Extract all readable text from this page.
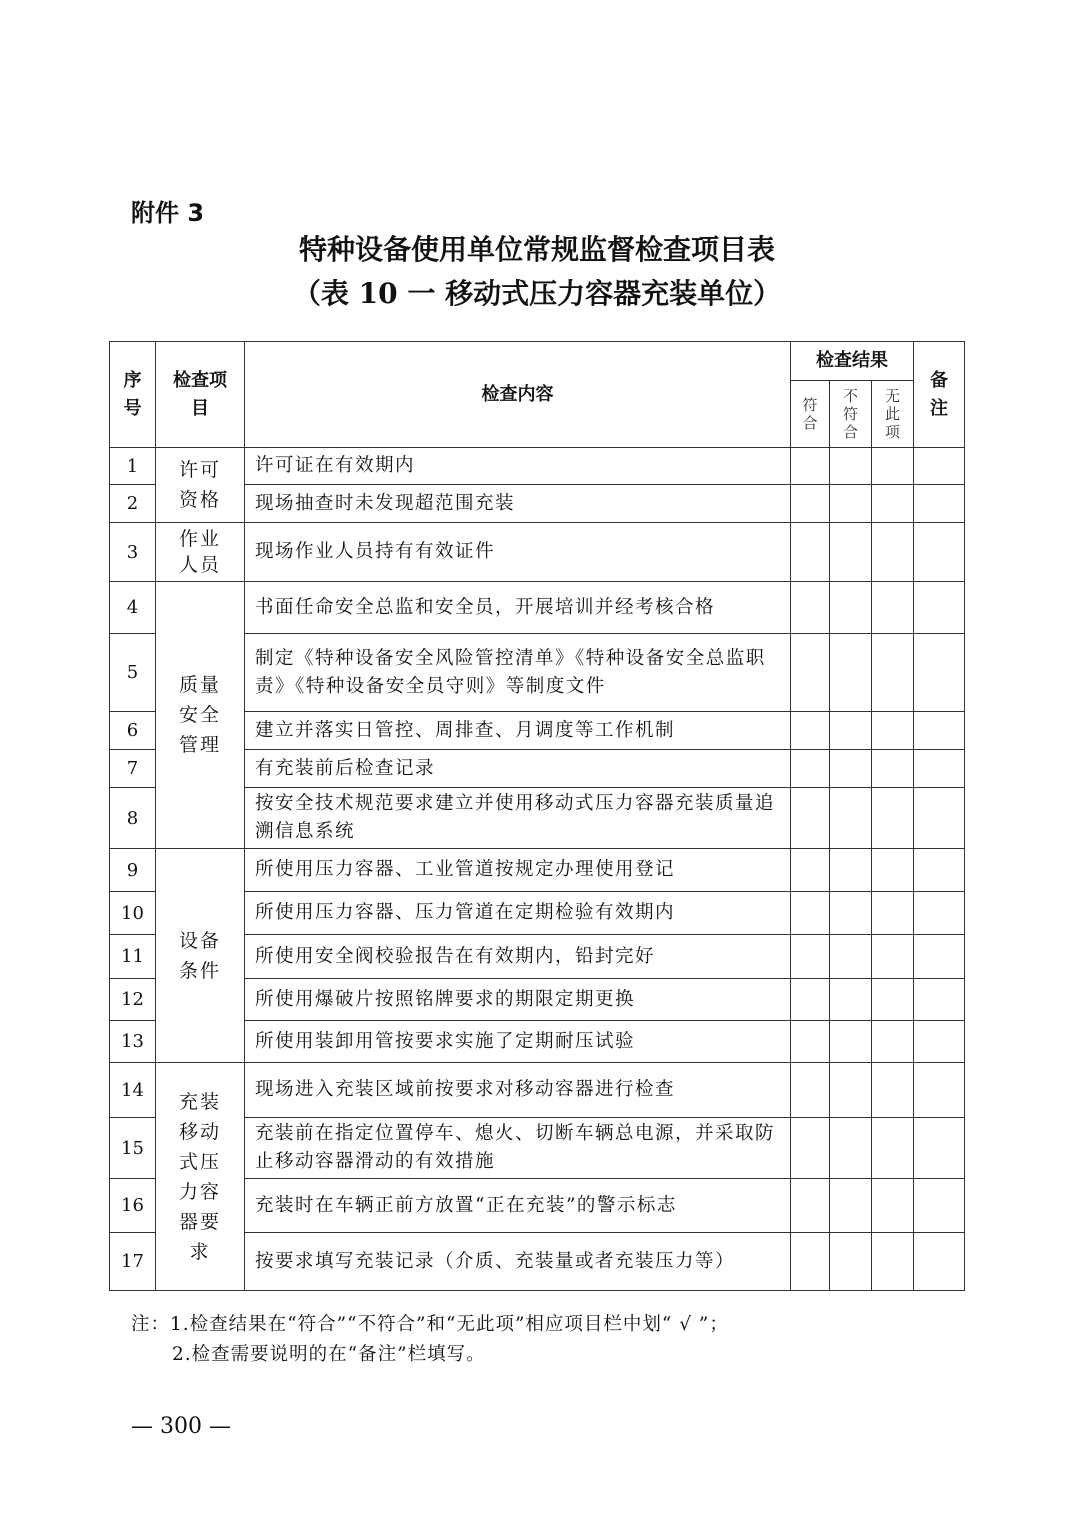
附件 3
特种设备使用单位常规监督检查项目表
（表 10 一 移动式压力容器充装单位）
序号	检查项目	检查内容	检查结果			备注
			符合	不符合	无此项	
1	许可资格	许可证在有效期内				
2		现场抽查时未发现超范围充装				
3	作业人员	现场作业人员持有有效证件				
4	质量安全管理	书面任命安全总监和安全员，开展培训并经考核合格				
5		制定《特种设备安全风险管控清单》《特种设备安全总监职责》《特种设备安全员守则》等制度文件				
6		建立并落实日管控、周排查、月调度等工作机制				
7		有充装前后检查记录				
8		按安全技术规范要求建立并使用移动式压力容器充装质量追溯信息系统				
9	设备条件	所使用压力容器、工业管道按规定办理使用登记				
10		所使用压力容器、压力管道在定期检验有效期内				
11		所使用安全阀校验报告在有效期内，铅封完好				
12		所使用爆破片按照铭牌要求的期限定期更换				
13		所使用装卸用管按要求实施了定期耐压试验				
14	充装移动式压力容器要求	现场进入充装区域前按要求对移动容器进行检查				
15		充装前在指定位置停车、熄火、切断车辆总电源，并采取防止移动容器滑动的有效措施				
16		充装时在车辆正前方放置“正在充装”的警示标志				
17		按要求填写充装记录（介质、充装量或者充装压力等）				
注：1.检查结果在“符合”“不符合”和“无此项”相应项目栏中划“ √ ”；
2.检查需要说明的在“备注”栏填写。
— 300 —
